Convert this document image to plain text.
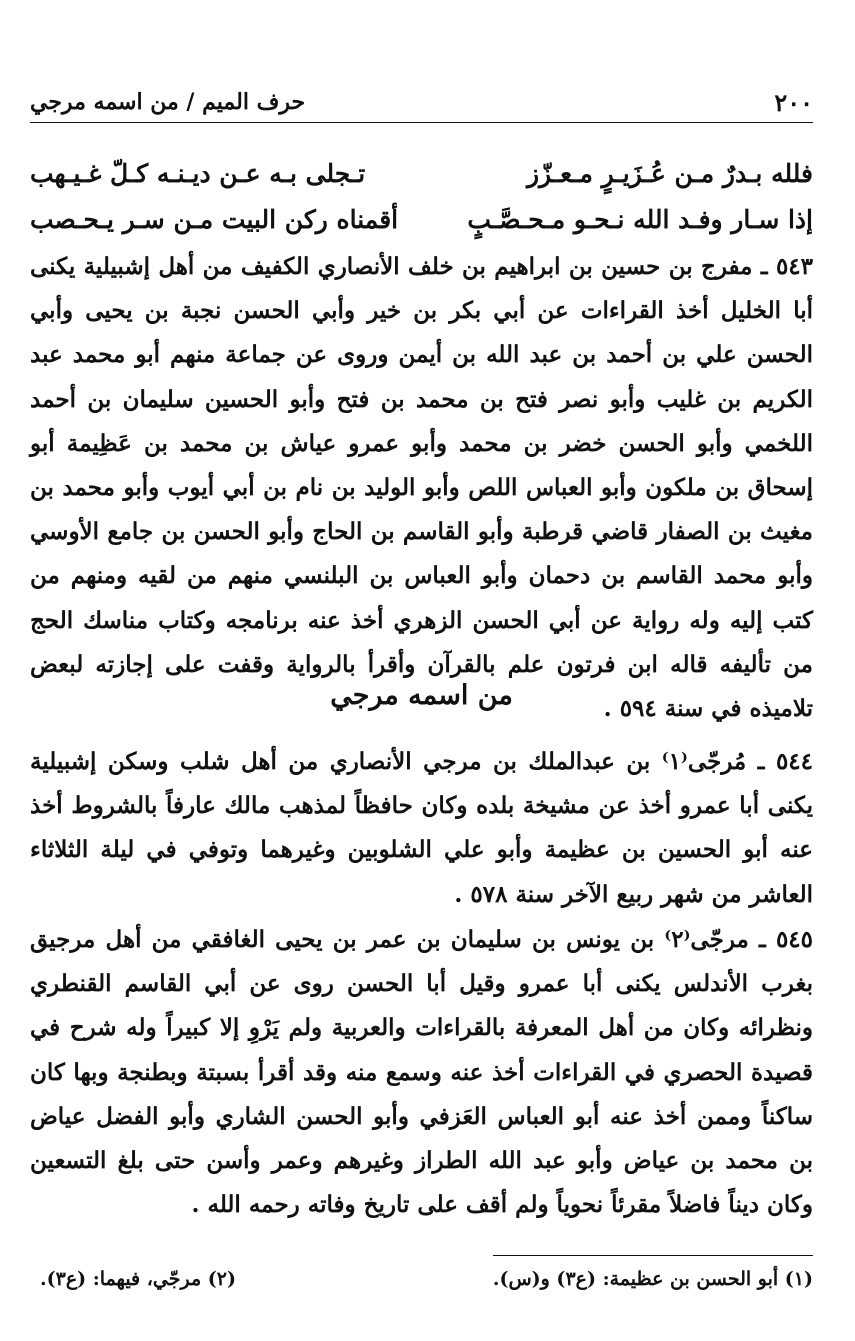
٢٠٠
حرف الميم / من اسمه مرجي
فلله بـدرٌ مـن عُـزَيـرٍ مـعـزّز
تـجلى بـه عـن ديـنـه كـلّ غـيـهب
إذا سـار وفـد الله نـحـو مـحـصَّـبٍ
أقمناه ركن البيت مـن سـر يـحـصب

٥٤٣ ـ مفرج بن حسين بن ابراهيم بن خلف الأنصاري الكفيف من أهل إشبيلية يكنى أبا الخليل أخذ القراءات عن أبي بكر بن خير وأبي الحسن نجبة بن يحيى وأبي الحسن علي بن أحمد بن عبد الله بن أيمن وروى عن جماعة منهم أبو محمد عبد الكريم بن غليب وأبو نصر فتح بن محمد بن فتح وأبو الحسين سليمان بن أحمد اللخمي وأبو الحسن خضر بن محمد وأبو عمرو عياش بن محمد بن عَظِيمة أبو إسحاق بن ملكون وأبو العباس اللص وأبو الوليد بن نام بن أبي أيوب وأبو محمد بن مغيث بن الصفار قاضي قرطبة وأبو القاسم بن الحاج وأبو الحسن بن جامع الأوسي وأبو محمد القاسم بن دحمان وأبو العباس بن البلنسي منهم من لقيه ومنهم من كتب إليه وله رواية عن أبي الحسن الزهري أخذ عنه برنامجه وكتاب مناسك الحج من تأليفه قاله ابن فرتون علم بالقرآن وأقرأ بالرواية وقفت على إجازته لبعض تلاميذه في سنة ٥٩٤ .

من اسمه مرجي

٥٤٤ ـ مُرجّى⁽١⁾ بن عبدالملك بن مرجي الأنصاري من أهل شلب وسكن إشبيلية يكنى أبا عمرو أخذ عن مشيخة بلده وكان حافظاً لمذهب مالك عارفاً بالشروط أخذ عنه أبو الحسين بن عظيمة وأبو علي الشلوبين وغيرهما وتوفي في ليلة الثلاثاء العاشر من شهر ربيع الآخر سنة ٥٧٨ .

٥٤٥ ـ مرجّى⁽٢⁾ بن يونس بن سليمان بن عمر بن يحيى الغافقي من أهل مرجيق بغرب الأندلس يكنى أبا عمرو وقيل أبا الحسن روى عن أبي القاسم القنطري ونظرائه وكان من أهل المعرفة بالقراءات والعربية ولم يَرْوِ إلا كبيراً وله شرح في قصيدة الحصري في القراءات أخذ عنه وسمع منه وقد أقرأ بسبتة وبطنجة وبها كان ساكناً وممن أخذ عنه أبو العباس العَزفي وأبو الحسن الشاري وأبو الفضل عياض بن محمد بن عياض وأبو عبد الله الطراز وغيرهم وعمر وأسن حتى بلغ التسعين وكان ديناً فاضلاً مقرئاً نحوياً ولم أقف على تاريخ وفاته رحمه الله .

(١) أبو الحسن بن عظيمة: (ع٣) و(س).
(٢) مرجّي، فيهما: (ع٣).
